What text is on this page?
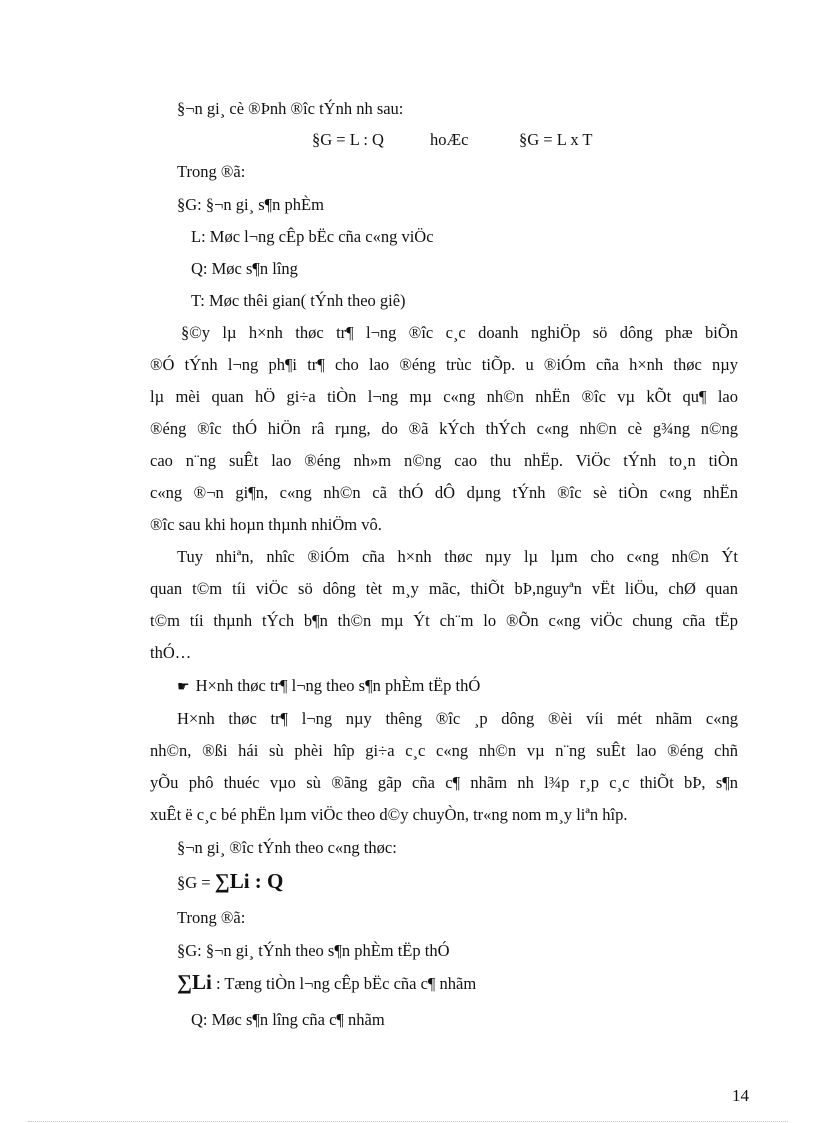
§¬n gi¸ cè ®Þnh ®îc tÝnh nh sau:
§G = L : Q	hoÆc	§G = L x T
Trong ®ã:
§G: §¬n gi¸ s¶n phÈm
L: Møc l¬ng cÊp bËc cña c«ng viÖc
Q: Møc s¶n lîng
T: Møc thêi gian( tÝnh theo giê)
§©y lµ h×nh thøc tr¶ l¬ng ®îc c¸c doanh nghiÖp sö dông phæ biÕn
®Ó tÝnh l¬ng ph¶i tr¶ cho lao ®éng trùc tiÕp. u ®iÓm cña h×nh thøc nµy
lµ mèi quan hÖ gi÷a tiÒn l¬ng mµ c«ng nh©n nhËn ®îc vµ kÕt qu¶ lao
®éng ®îc thÓ hiÖn râ rµng, do ®ã kÝch thÝch c«ng nh©n cè g¾ng n©ng
cao n¨ng suÊt lao ®éng nh»m n©ng cao thu nhËp. ViÖc tÝnh to¸n tiÒn
c«ng ®¬n gi¶n, c«ng nh©n cã thÓ dÔ dµng tÝnh ®îc sè tiÒn c«ng nhËn
®îc sau khi hoµn thµnh nhiÖm vô.
Tuy nhiªn, nhîc ®iÓm cña h×nh thøc nµy lµ lµm cho c«ng nh©n Ýt
quan t©m tíi viÖc sö dông tèt m¸y mãc, thiÕt bÞ,nguyªn vËt liÖu, chØ quan
t©m tíi thµnh tÝch b¶n th©n mµ Ýt ch¨m lo ®Õn c«ng viÖc chung cña tËp
thÓ…
☛ H×nh thøc tr¶ l¬ng theo s¶n phÈm tËp thÓ
H×nh thøc tr¶ l¬ng nµy thêng ®îc ¸p dông ®èi víi mét nhãm c«ng
nh©n, ®ßi hái sù phèi hîp gi÷a c¸c c«ng nh©n vµ n¨ng suÊt lao ®éng chñ
yÕu phô thuéc vµo sù ®ãng gãp cña c¶ nhãm nh l¾p r¸p c¸c thiÕt bÞ, s¶n
xuÊt ë c¸c bé phËn lµm viÖc theo d©y chuyÒn, tr«ng nom m¸y liªn hîp.
§¬n gi¸ ®îc tÝnh theo c«ng thøc:
§G = ∑Li : Q
Trong ®ã:
§G: §¬n gi¸ tÝnh theo s¶n phÈm tËp thÓ
∑Li : Tæng tiÒn l¬ng cÊp bËc cña c¶ nhãm
Q: Møc s¶n lîng cña c¶ nhãm
14
